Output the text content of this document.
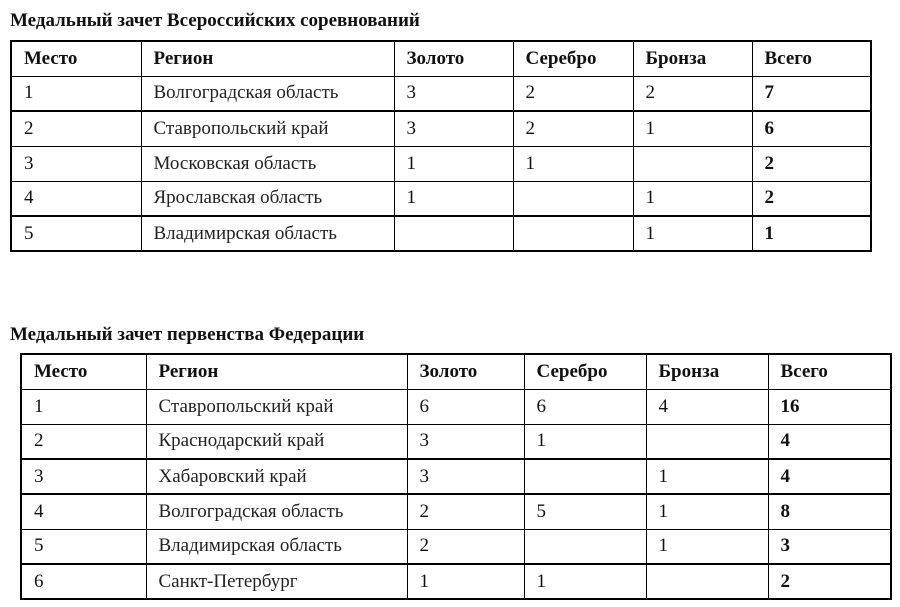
Медальный зачет Всероссийских соревнований
Место	Регион	Золото	Серебро	Бронза	Всего
1	Волгоградская область	3	2	2	7
2	Ставропольский край	3	2	1	6
3	Московская область	1	1		2
4	Ярославская область	1		1	2
5	Владимирская область			1	1
Медальный зачет первенства Федерации
Место	Регион	Золото	Серебро	Бронза	Всего
1	Ставропольский край	6	6	4	16
2	Краснодарский край	3	1		4
3	Хабаровский край	3		1	4
4	Волгоградская область	2	5	1	8
5	Владимирская область	2		1	3
6	Санкт-Петербург	1	1		2
